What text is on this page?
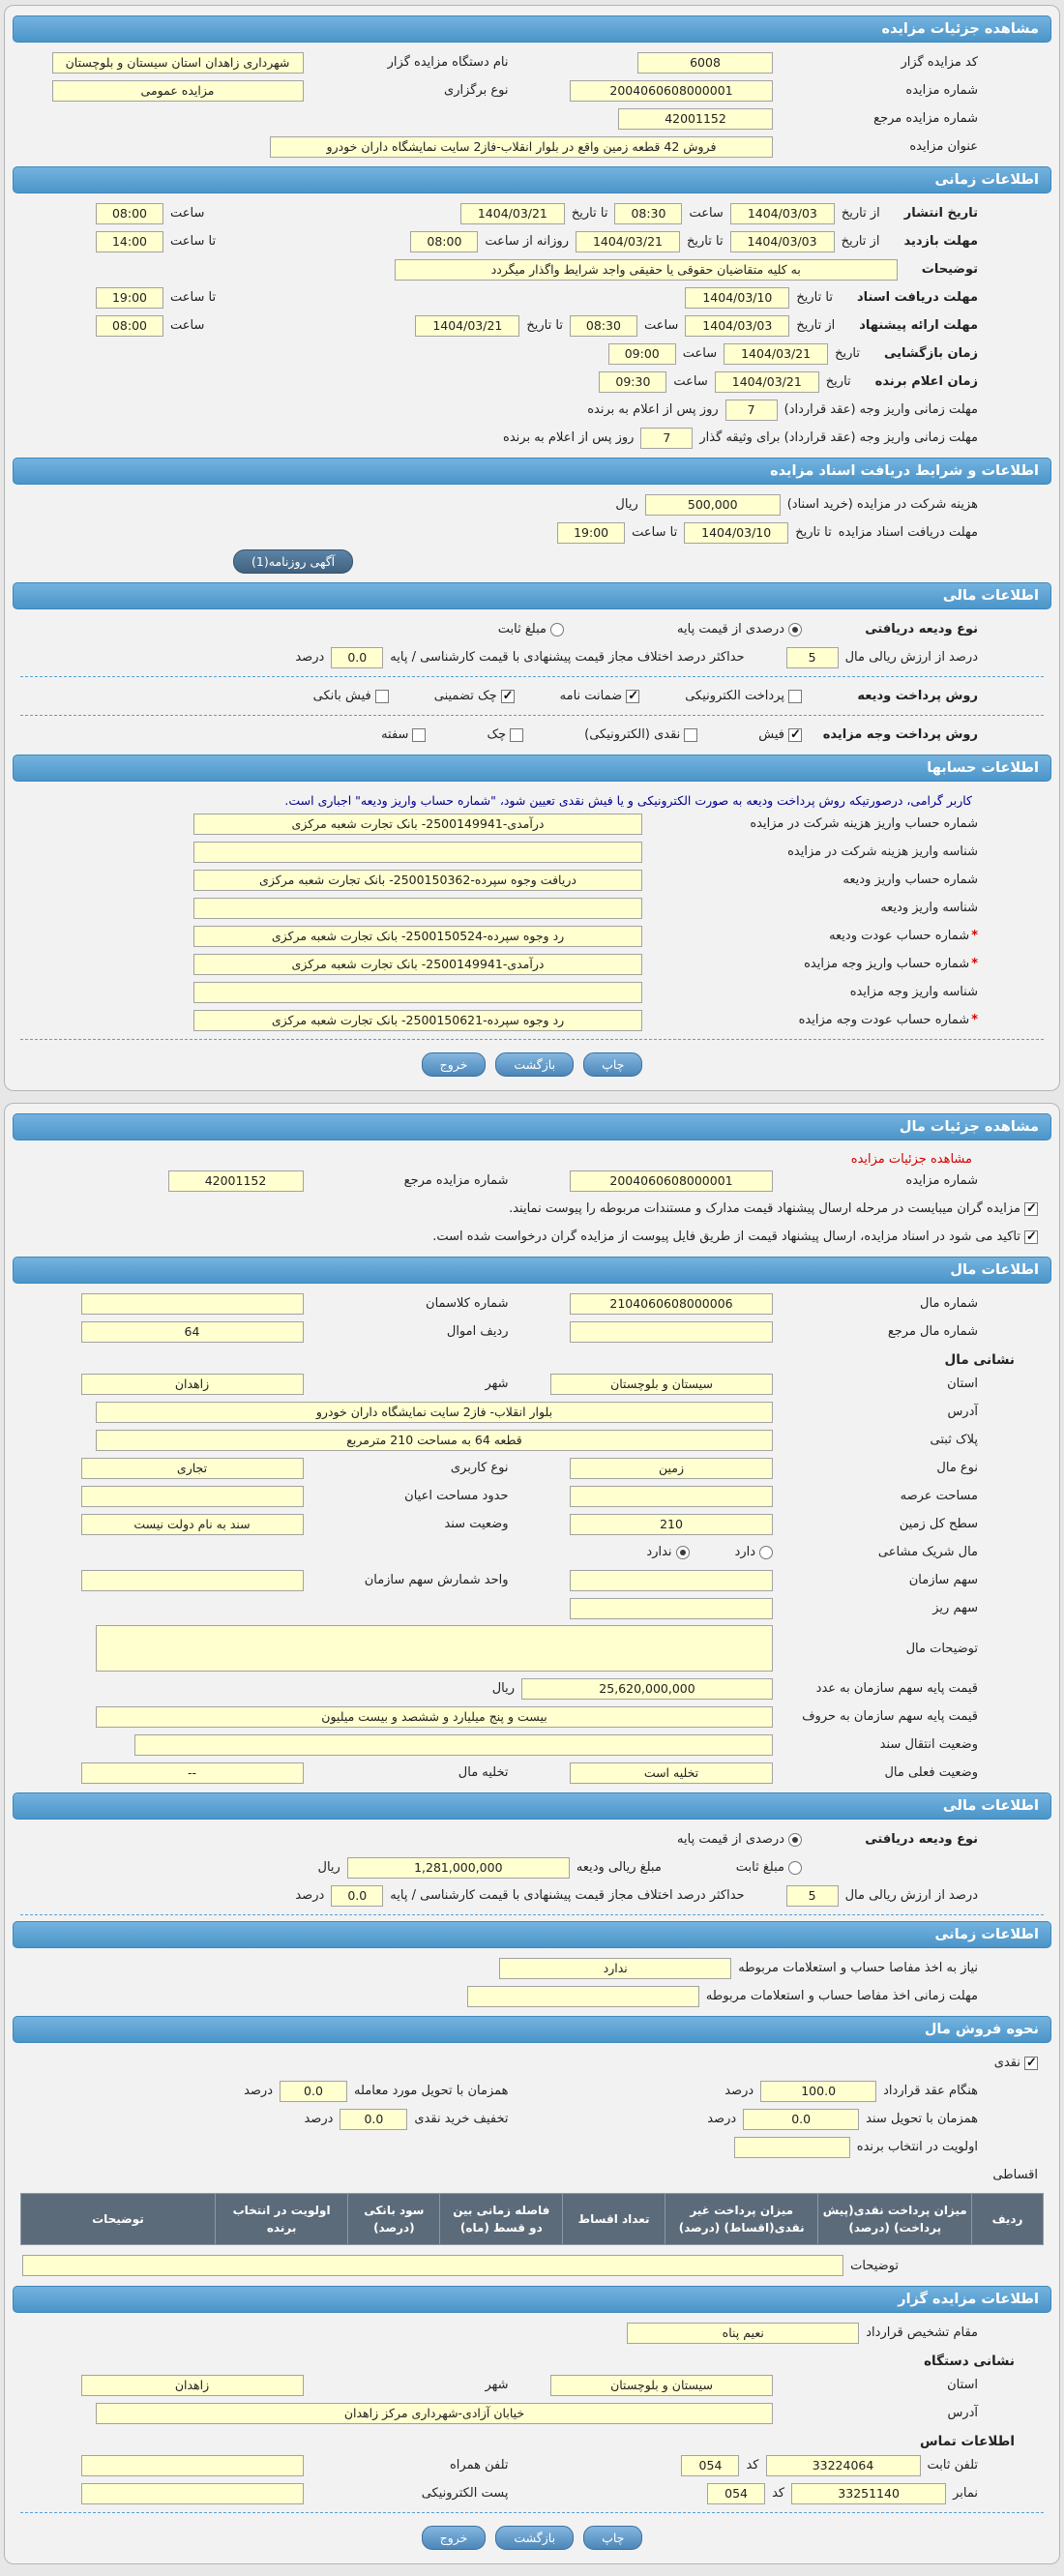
مشاهده جزئیات مزایده
کد مزایده گزار
6008
نام دستگاه مزایده گزار
شهرداری زاهدان استان سیستان و بلوچستان
شماره مزایده
2004060608000001
نوع برگزاری
مزایده عمومی
شماره مزایده مرجع
42001152
عنوان مزایده
فروش 42 قطعه زمین واقع در بلوار انقلاب-فاز2 سایت نمایشگاه داران خودرو
اطلاعات زمانی
تاریخ انتشار
از تاریخ
1404/03/03
ساعت
08:30
تا تاریخ
1404/03/21
ساعت
08:00
مهلت بازدید
از تاریخ
1404/03/03
تا تاریخ
1404/03/21
روزانه از ساعت
08:00
تا ساعت
14:00
توضیحات
به کلیه متقاضیان حقوقی یا حقیقی واجد شرایط واگذار میگردد
مهلت دریافت اسناد
تا تاریخ
1404/03/10
تا ساعت
19:00
مهلت ارائه پیشنهاد
از تاریخ
1404/03/03
ساعت
08:30
تا تاریخ
1404/03/21
ساعت
08:00
زمان بازگشایی
تاریخ
1404/03/21
ساعت
09:00
زمان اعلام برنده
تاریخ
1404/03/21
ساعت
09:30
مهلت زمانی واریز وجه (عقد قرارداد)
7
روز پس از اعلام به برنده
مهلت زمانی واریز وجه (عقد قرارداد) برای وثیقه گذار
7
روز پس از اعلام به برنده
اطلاعات و شرایط دریافت اسناد مزایده
هزینه شرکت در مزایده (خرید اسناد)
500,000
ریال
مهلت دریافت اسناد مزایده
تا تاریخ
1404/03/10
تا ساعت
19:00
آگهی روزنامه(1)
اطلاعات مالی
نوع ودیعه دریافتی
درصدی از قیمت پایه
مبلغ ثابت
درصد از ارزش ریالی مال
5
حداکثر درصد اختلاف مجاز قیمت پیشنهادی با قیمت کارشناسی / پایه
0.0
درصد
روش پرداخت ودیعه
پرداخت الکترونیکی
ضمانت نامه
چک تضمینی
فیش بانکی
روش پرداخت وجه مزایده
فیش
نقدی (الکترونیکی)
چک
سفته
اطلاعات حسابها
کاربر گرامی، درصورتیکه روش پرداخت ودیعه به صورت الکترونیکی و یا فیش نقدی تعیین شود، "شماره حساب واریز ودیعه" اجباری است.
شماره حساب واریز هزینه شرکت در مزایده
درآمدی-2500149941- بانک تجارت شعبه مرکزی
شناسه واریز هزینه شرکت در مزایده
شماره حساب واریز ودیعه
دریافت وجوه سپرده-2500150362- بانک تجارت شعبه مرکزی
شناسه واریز ودیعه
* شماره حساب عودت ودیعه
رد وجوه سپرده-2500150524- بانک تجارت شعبه مرکزی
* شماره حساب واریز وجه مزایده
درآمدی-2500149941- بانک تجارت شعبه مرکزی
شناسه واریز وجه مزایده
* شماره حساب عودت وجه مزایده
رد وجوه سپرده-2500150621- بانک تجارت شعبه مرکزی
چاپ
بازگشت
خروج
مشاهده جزئیات مال
مشاهده جزئیات مزایده
شماره مزایده
2004060608000001
شماره مزایده مرجع
42001152
مزایده گران میبایست در مرحله ارسال پیشنهاد قیمت مدارک و مستندات مربوطه را پیوست نمایند.
تاکید می شود در اسناد مزایده، ارسال پیشنهاد قیمت از طریق فایل پیوست از مزایده گران درخواست شده است.
اطلاعات مال
شماره مال
2104060608000006
شماره کلاسمان
شماره مال مرجع
ردیف اموال
64
نشانی مال
استان
سیستان و بلوچستان
شهر
زاهدان
آدرس
بلوار انقلاب- فاز2 سایت نمایشگاه داران خودرو
پلاک ثبتی
قطعه 64 به مساحت 210 مترمربع
نوع مال
زمین
نوع کاربری
تجاری
مساحت عرصه
حدود مساحت اعیان
سطح کل زمین
210
وضعیت سند
سند به نام دولت نیست
مال شریک مشاعی
دارد
ندارد
سهم سازمان
واحد شمارش سهم سازمان
سهم ریز
توضیحات مال
قیمت پایه سهم سازمان به عدد
25,620,000,000
ریال
قیمت پایه سهم سازمان به حروف
بیست و پنج میلیارد و ششصد و بیست میلیون
وضعیت انتقال سند
وضعیت فعلی مال
تخلیه است
تخلیه مال
--
اطلاعات مالی
نوع ودیعه دریافتی
درصدی از قیمت پایه
مبلغ ثابت
مبلغ ریالی ودیعه
1,281,000,000
ریال
درصد از ارزش ریالی مال
5
حداکثر درصد اختلاف مجاز قیمت پیشنهادی با قیمت کارشناسی / پایه
0.0
درصد
اطلاعات زمانی
نیاز به اخذ مفاصا حساب و استعلامات مربوطه
ندارد
مهلت زمانی اخذ مفاصا حساب و استعلامات مربوطه
نحوه فروش مال
نقدی
هنگام عقد قرارداد
100.0
درصد
همزمان با تحویل مورد معامله
0.0
درصد
همزمان با تحویل سند
0.0
درصد
تخفیف خرید نقدی
0.0
درصد
اولویت در انتخاب برنده
اقساطی
ردیف	میزان پرداخت نقدی(پیش پرداخت) (درصد)	میزان پرداخت غیر نقدی(اقساط) (درصد)	تعداد اقساط	فاصله زمانی بین دو قسط (ماه)	سود بانکی (درصد)	اولویت در انتخاب برنده	توضیحات
توضیحات
اطلاعات مزایده گزار
مقام تشخیص قرارداد
نعیم پناه
نشانی دستگاه
استان
سیستان و بلوچستان
شهر
زاهدان
آدرس
خیابان آزادی-شهرداری مرکز زاهدان
اطلاعات تماس
تلفن ثابت
33224064
کد
054
تلفن همراه
نمابر
33251140
کد
054
پست الکترونیکی
چاپ
بازگشت
خروج
